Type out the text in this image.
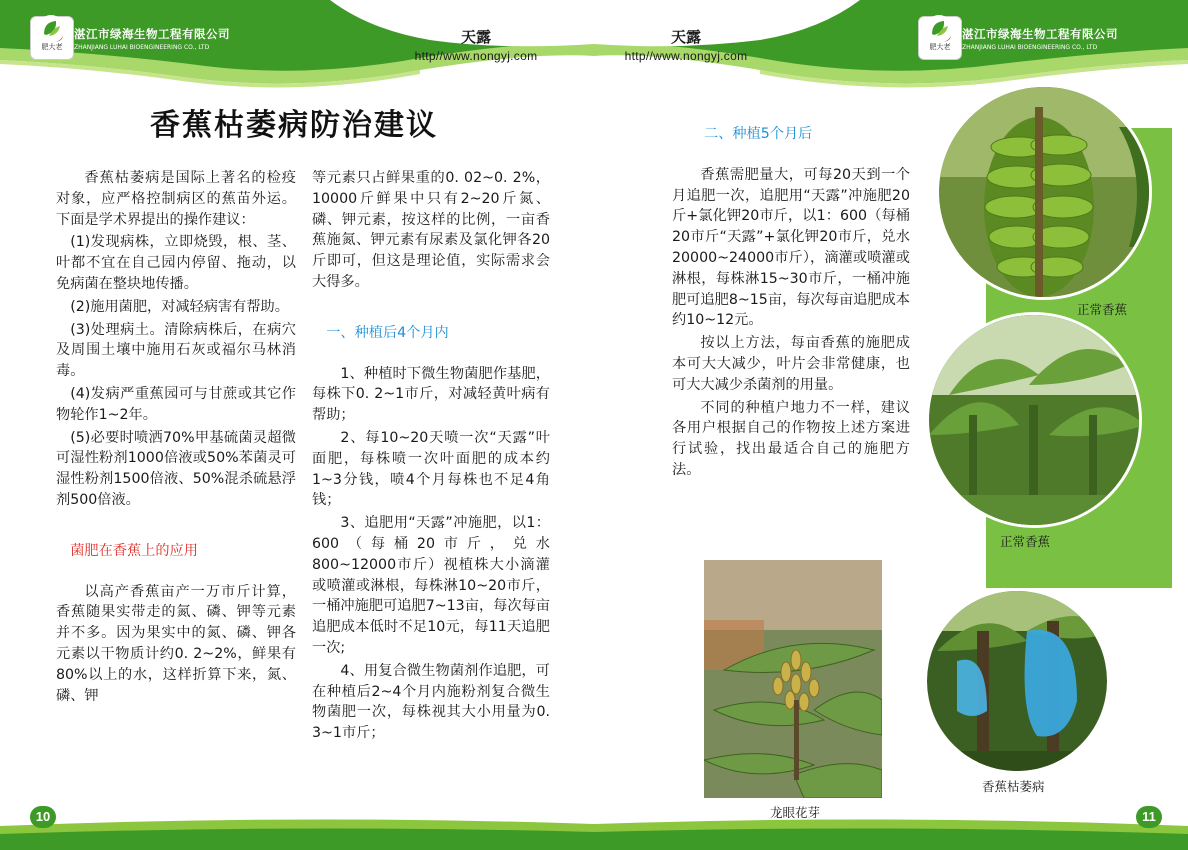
肥大老
湛江市绿海生物工程有限公司
ZHANJIANG LUHAI BIOENGINEERING CO., LTD	肥大老
湛江市绿海生物工程有限公司
ZHANJIANG LUHAI BIOENGINEERING CO., LTD
天露
http//www.nongyj.com
天露
http//www.nongyj.com
香蕉枯萎病防治建议

香蕉枯萎病是国际上著名的检疫对象，应严格控制病区的蕉苗外运。下面是学术界提出的操作建议：

(1)发现病株，立即烧毁，根、茎、叶都不宜在自己园内停留、拖动，以免病菌在整块地传播。

(2)施用菌肥，对减轻病害有帮助。

(3)处理病土。清除病株后，在病穴及周围土壤中施用石灰或福尔马林消毒。

(4)发病严重蕉园可与甘蔗或其它作物轮作1~2年。

(5)必要时喷洒70%甲基硫菌灵超微可湿性粉剂1000倍液或50%苯菌灵可湿性粉剂1500倍液、50%混杀硫悬浮剂500倍液。

菌肥在香蕉上的应用

以高产香蕉亩产一万市斤计算，香蕉随果实带走的氮、磷、钾等元素并不多。因为果实中的氮、磷、钾各元素以干物质计约0. 2~2%，鲜果有80%以上的水，这样折算下来，氮、磷、钾

等元素只占鲜果重的0. 02~0. 2%，10000斤鲜果中只有2~20斤氮、磷、钾元素，按这样的比例，一亩香蕉施氮、钾元素有尿素及氯化钾各20斤即可，但这是理论值，实际需求会大得多。

一、种植后4个月内

1、种植时下微生物菌肥作基肥，每株下0. 2~1市斤，对减轻黄叶病有帮助；

2、每10~20天喷一次“天露”叶面肥，每株喷一次叶面肥的成本约1~3分钱，喷4个月每株也不足4角钱；

3、追肥用“天露”冲施肥，以1：600（每桶20市斤，兑水800~12000市斤）视植株大小滴灌或喷灌或淋根，每株淋10~20市斤，一桶冲施肥可追肥7~13亩，每次每亩追肥成本低时不足10元，每11天追肥一次;

4、用复合微生物菌剂作追肥，可在种植后2~4个月内施粉剂复合微生物菌肥一次，每株视其大小用量为0. 3~1市斤；

二、种植5个月后

香蕉需肥量大，可每20天到一个月追肥一次，追肥用“天露”冲施肥20斤+氯化钾20市斤，以1：600（每桶20市斤“天露”+氯化钾20市斤，兑水20000~24000市斤），滴灌或喷灌或淋根，每株淋15~30市斤，一桶冲施肥可追肥8~15亩，每次每亩追肥成本约10~12元。

按以上方法，每亩香蕉的施肥成本可大大减少，叶片会非常健康，也可大大减少杀菌剂的用量。

不同的种植户地力不一样，建议各用户根据自己的作物按上述方案进行试验，找出最适合自己的施肥方法。

正常香蕉
正常香蕉
香蕉枯萎病
龙眼花芽
10	11
